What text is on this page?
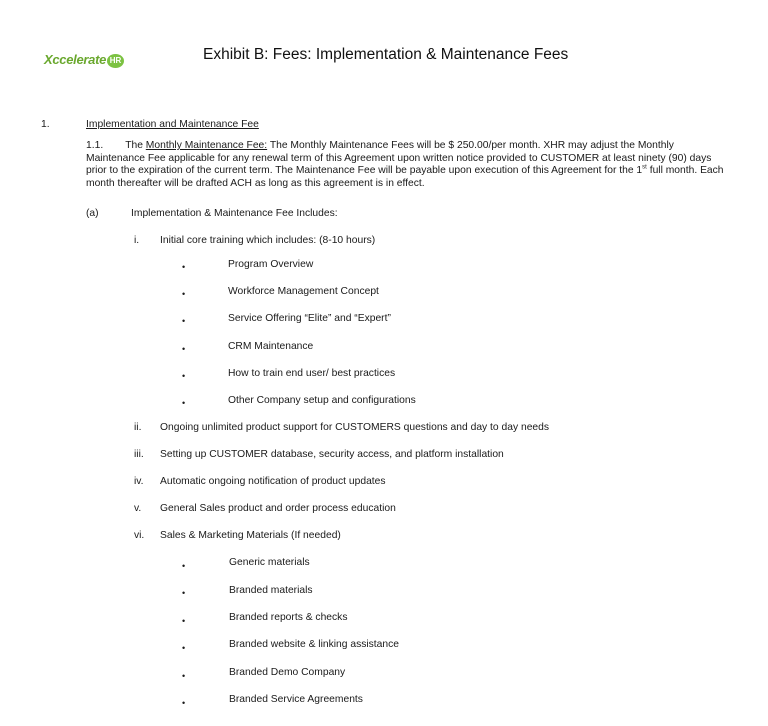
Xccelerate HR	Exhibit B: Fees: Implementation & Maintenance Fees
1.	Implementation and Maintenance Fee
1.1. The Monthly Maintenance Fee: The Monthly Maintenance Fees will be $ 250.00/per month. XHR may adjust the Monthly Maintenance Fee applicable for any renewal term of this Agreement upon written notice provided to CUSTOMER at least ninety (90) days prior to the expiration of the current term. The Maintenance Fee will be payable upon execution of this Agreement for the 1st full month. Each month thereafter will be drafted ACH as long as this agreement is in effect.
(a)	Implementation & Maintenance Fee Includes:
i. Initial core training which includes: (8-10 hours)
•	Program Overview
•	Workforce Management Concept
•	Service Offering “Elite” and “Expert”
•	CRM Maintenance
•	How to train end user/ best practices
•	Other Company setup and configurations
ii. Ongoing unlimited product support for CUSTOMERS questions and day to day needs
iii. Setting up CUSTOMER database, security access, and platform installation
iv. Automatic ongoing notification of product updates
v. General Sales product and order process education
vi. Sales & Marketing Materials (If needed)
•	Generic materials
•	Branded materials
•	Branded reports & checks
•	Branded website & linking assistance
•	Branded Demo Company
•	Branded Service Agreements
